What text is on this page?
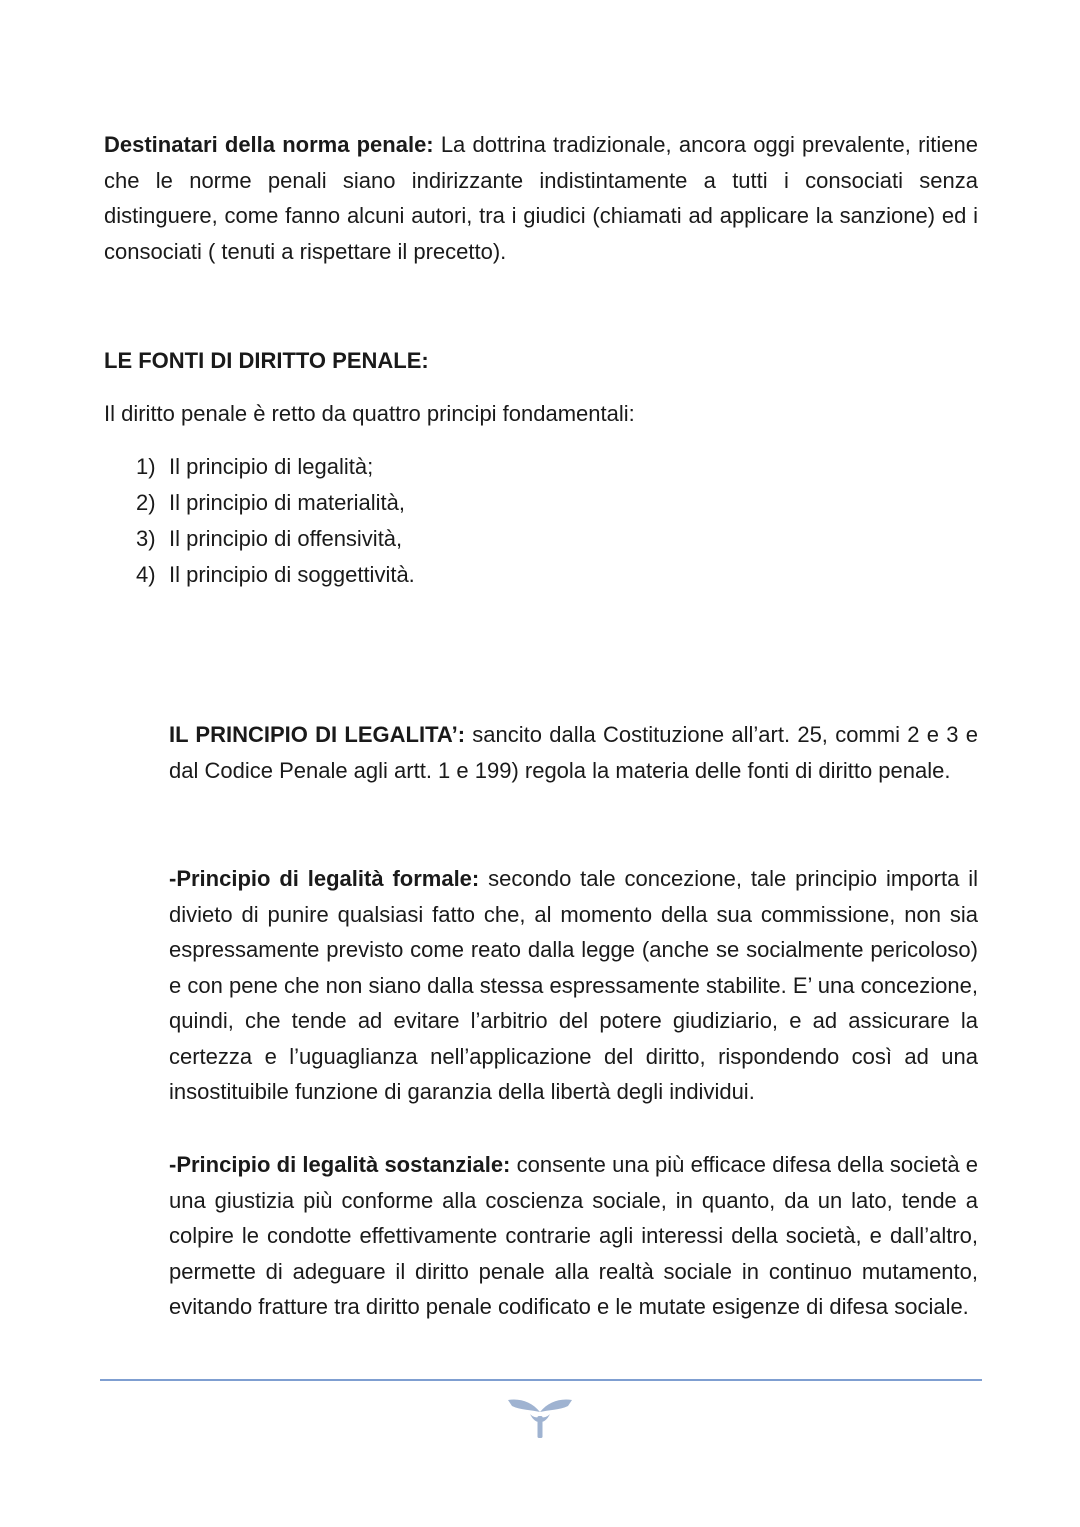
Destinatari della norma penale: La dottrina tradizionale, ancora oggi prevalente, ritiene che le norme penali siano indirizzante indistintamente a tutti i consociati senza distinguere, come fanno alcuni autori, tra i giudici (chiamati ad applicare la sanzione) ed i consociati ( tenuti a rispettare il precetto).

LE FONTI DI DIRITTO PENALE:

Il diritto penale è retto da quattro principi fondamentali:

1) Il principio di legalità;
2) Il principio di materialità,
3) Il principio di offensività,
4) Il principio di soggettività.

IL PRINCIPIO DI LEGALITA’: sancito dalla Costituzione all’art. 25, commi 2 e 3 e dal Codice Penale agli artt. 1 e 199) regola la materia delle fonti di diritto penale.

-Principio di legalità formale: secondo tale concezione, tale principio importa il divieto di punire qualsiasi fatto che, al momento della sua commissione, non sia espressamente previsto come reato dalla legge (anche se socialmente pericoloso) e con pene che non siano dalla stessa espressamente stabilite. E’ una concezione, quindi, che tende ad evitare l’arbitrio del potere giudiziario, e ad assicurare la certezza e l’uguaglianza nell’applicazione del diritto, rispondendo così ad una insostituibile funzione di garanzia della libertà degli individui.

-Principio di legalità sostanziale: consente una più efficace difesa della società e una giustizia più conforme alla coscienza sociale, in quanto, da un lato, tende a colpire le condotte effettivamente contrarie agli interessi della società, e dall’altro, permette di adeguare il diritto penale alla realtà sociale in continuo mutamento, evitando fratture tra diritto penale codificato e le mutate esigenze di difesa sociale.
